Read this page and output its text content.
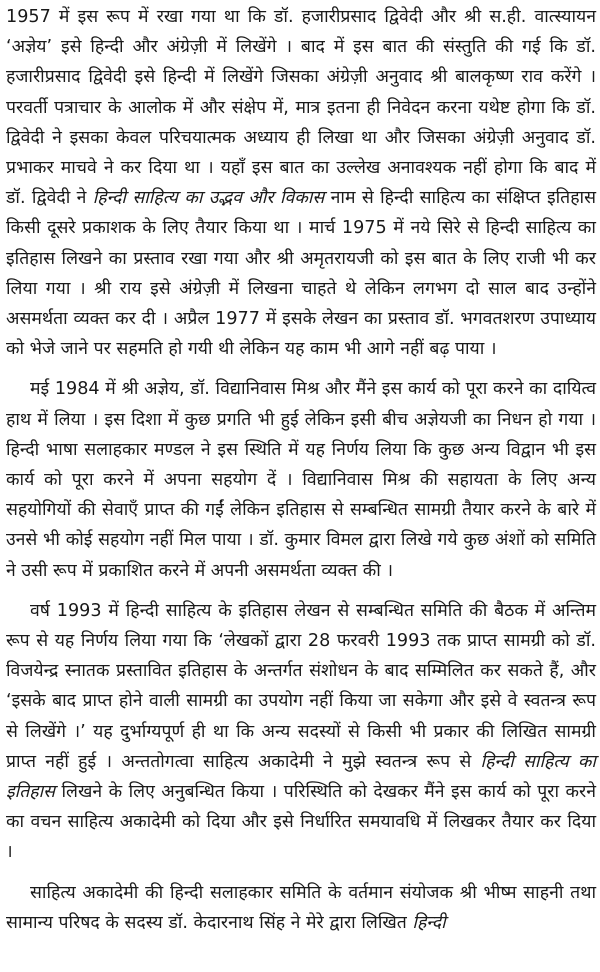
1957 में इस रूप में रखा गया था कि डॉ. हजारीप्रसाद द्विवेदी और श्री स.ही. वात्स्यायन ‘अज्ञेय’ इसे हिन्दी और अंग्रेज़ी में लिखेंगे । बाद में इस बात की संस्तुति की गई कि डॉ. हजारीप्रसाद द्विवेदी इसे हिन्दी में लिखेंगे जिसका अंग्रेज़ी अनुवाद श्री बालकृष्ण राव करेंगे । परवर्ती पत्राचार के आलोक में और संक्षेप में, मात्र इतना ही निवेदन करना यथेष्ट होगा कि डॉ. द्विवेदी ने इसका केवल परिचयात्मक अध्याय ही लिखा था और जिसका अंग्रेज़ी अनुवाद डॉ. प्रभाकर माचवे ने कर दिया था । यहाँ इस बात का उल्लेख अनावश्यक नहीं होगा कि बाद में डॉ. द्विवेदी ने हिन्दी साहित्य का उद्भव और विकास नाम से हिन्दी साहित्य का संक्षिप्त इतिहास किसी दूसरे प्रकाशक के लिए तैयार किया था । मार्च 1975 में नये सिरे से हिन्दी साहित्य का इतिहास लिखने का प्रस्ताव रखा गया और श्री अमृतरायजी को इस बात के लिए राजी भी कर लिया गया । श्री राय इसे अंग्रेज़ी में लिखना चाहते थे लेकिन लगभग दो साल बाद उन्होंने असमर्थता व्यक्त कर दी । अप्रैल 1977 में इसके लेखन का प्रस्ताव डॉ. भगवतशरण उपाध्याय को भेजे जाने पर सहमति हो गयी थी लेकिन यह काम भी आगे नहीं बढ़ पाया ।

मई 1984 में श्री अज्ञेय, डॉ. विद्यानिवास मिश्र और मैंने इस कार्य को पूरा करने का दायित्व हाथ में लिया । इस दिशा में कुछ प्रगति भी हुई लेकिन इसी बीच अज्ञेयजी का निधन हो गया । हिन्दी भाषा सलाहकार मण्डल ने इस स्थिति में यह निर्णय लिया कि कुछ अन्य विद्वान भी इस कार्य को पूरा करने में अपना सहयोग दें । विद्यानिवास मिश्र की सहायता के लिए अन्य सहयोगियों की सेवाएँ प्राप्त की गईं लेकिन इतिहास से सम्बन्धित सामग्री तैयार करने के बारे में उनसे भी कोई सहयोग नहीं मिल पाया । डॉ. कुमार विमल द्वारा लिखे गये कुछ अंशों को समिति ने उसी रूप में प्रकाशित करने में अपनी असमर्थता व्यक्त की ।

वर्ष 1993 में हिन्दी साहित्य के इतिहास लेखन से सम्बन्धित समिति की बैठक में अन्तिम रूप से यह निर्णय लिया गया कि ‘लेखकों द्वारा 28 फरवरी 1993 तक प्राप्त सामग्री को डॉ. विजयेन्द्र स्नातक प्रस्तावित इतिहास के अन्तर्गत संशोधन के बाद सम्मिलित कर सकते हैं, और ‘इसके बाद प्राप्त होने वाली सामग्री का उपयोग नहीं किया जा सकेगा और इसे वे स्वतन्त्र रूप से लिखेंगे ।’ यह दुर्भाग्यपूर्ण ही था कि अन्य सदस्यों से किसी भी प्रकार की लिखित सामग्री प्राप्त नहीं हुई । अन्ततोगत्वा साहित्य अकादेमी ने मुझे स्वतन्त्र रूप से हिन्दी साहित्य का इतिहास लिखने के लिए अनुबन्धित किया । परिस्थिति को देखकर मैंने इस कार्य को पूरा करने का वचन साहित्य अकादेमी को दिया और इसे निर्धारित समयावधि में लिखकर तैयार कर दिया ।

साहित्य अकादेमी की हिन्दी सलाहकार समिति के वर्तमान संयोजक श्री भीष्म साहनी तथा सामान्य परिषद के सदस्य डॉ. केदारनाथ सिंह ने मेरे द्वारा लिखित हिन्दी
